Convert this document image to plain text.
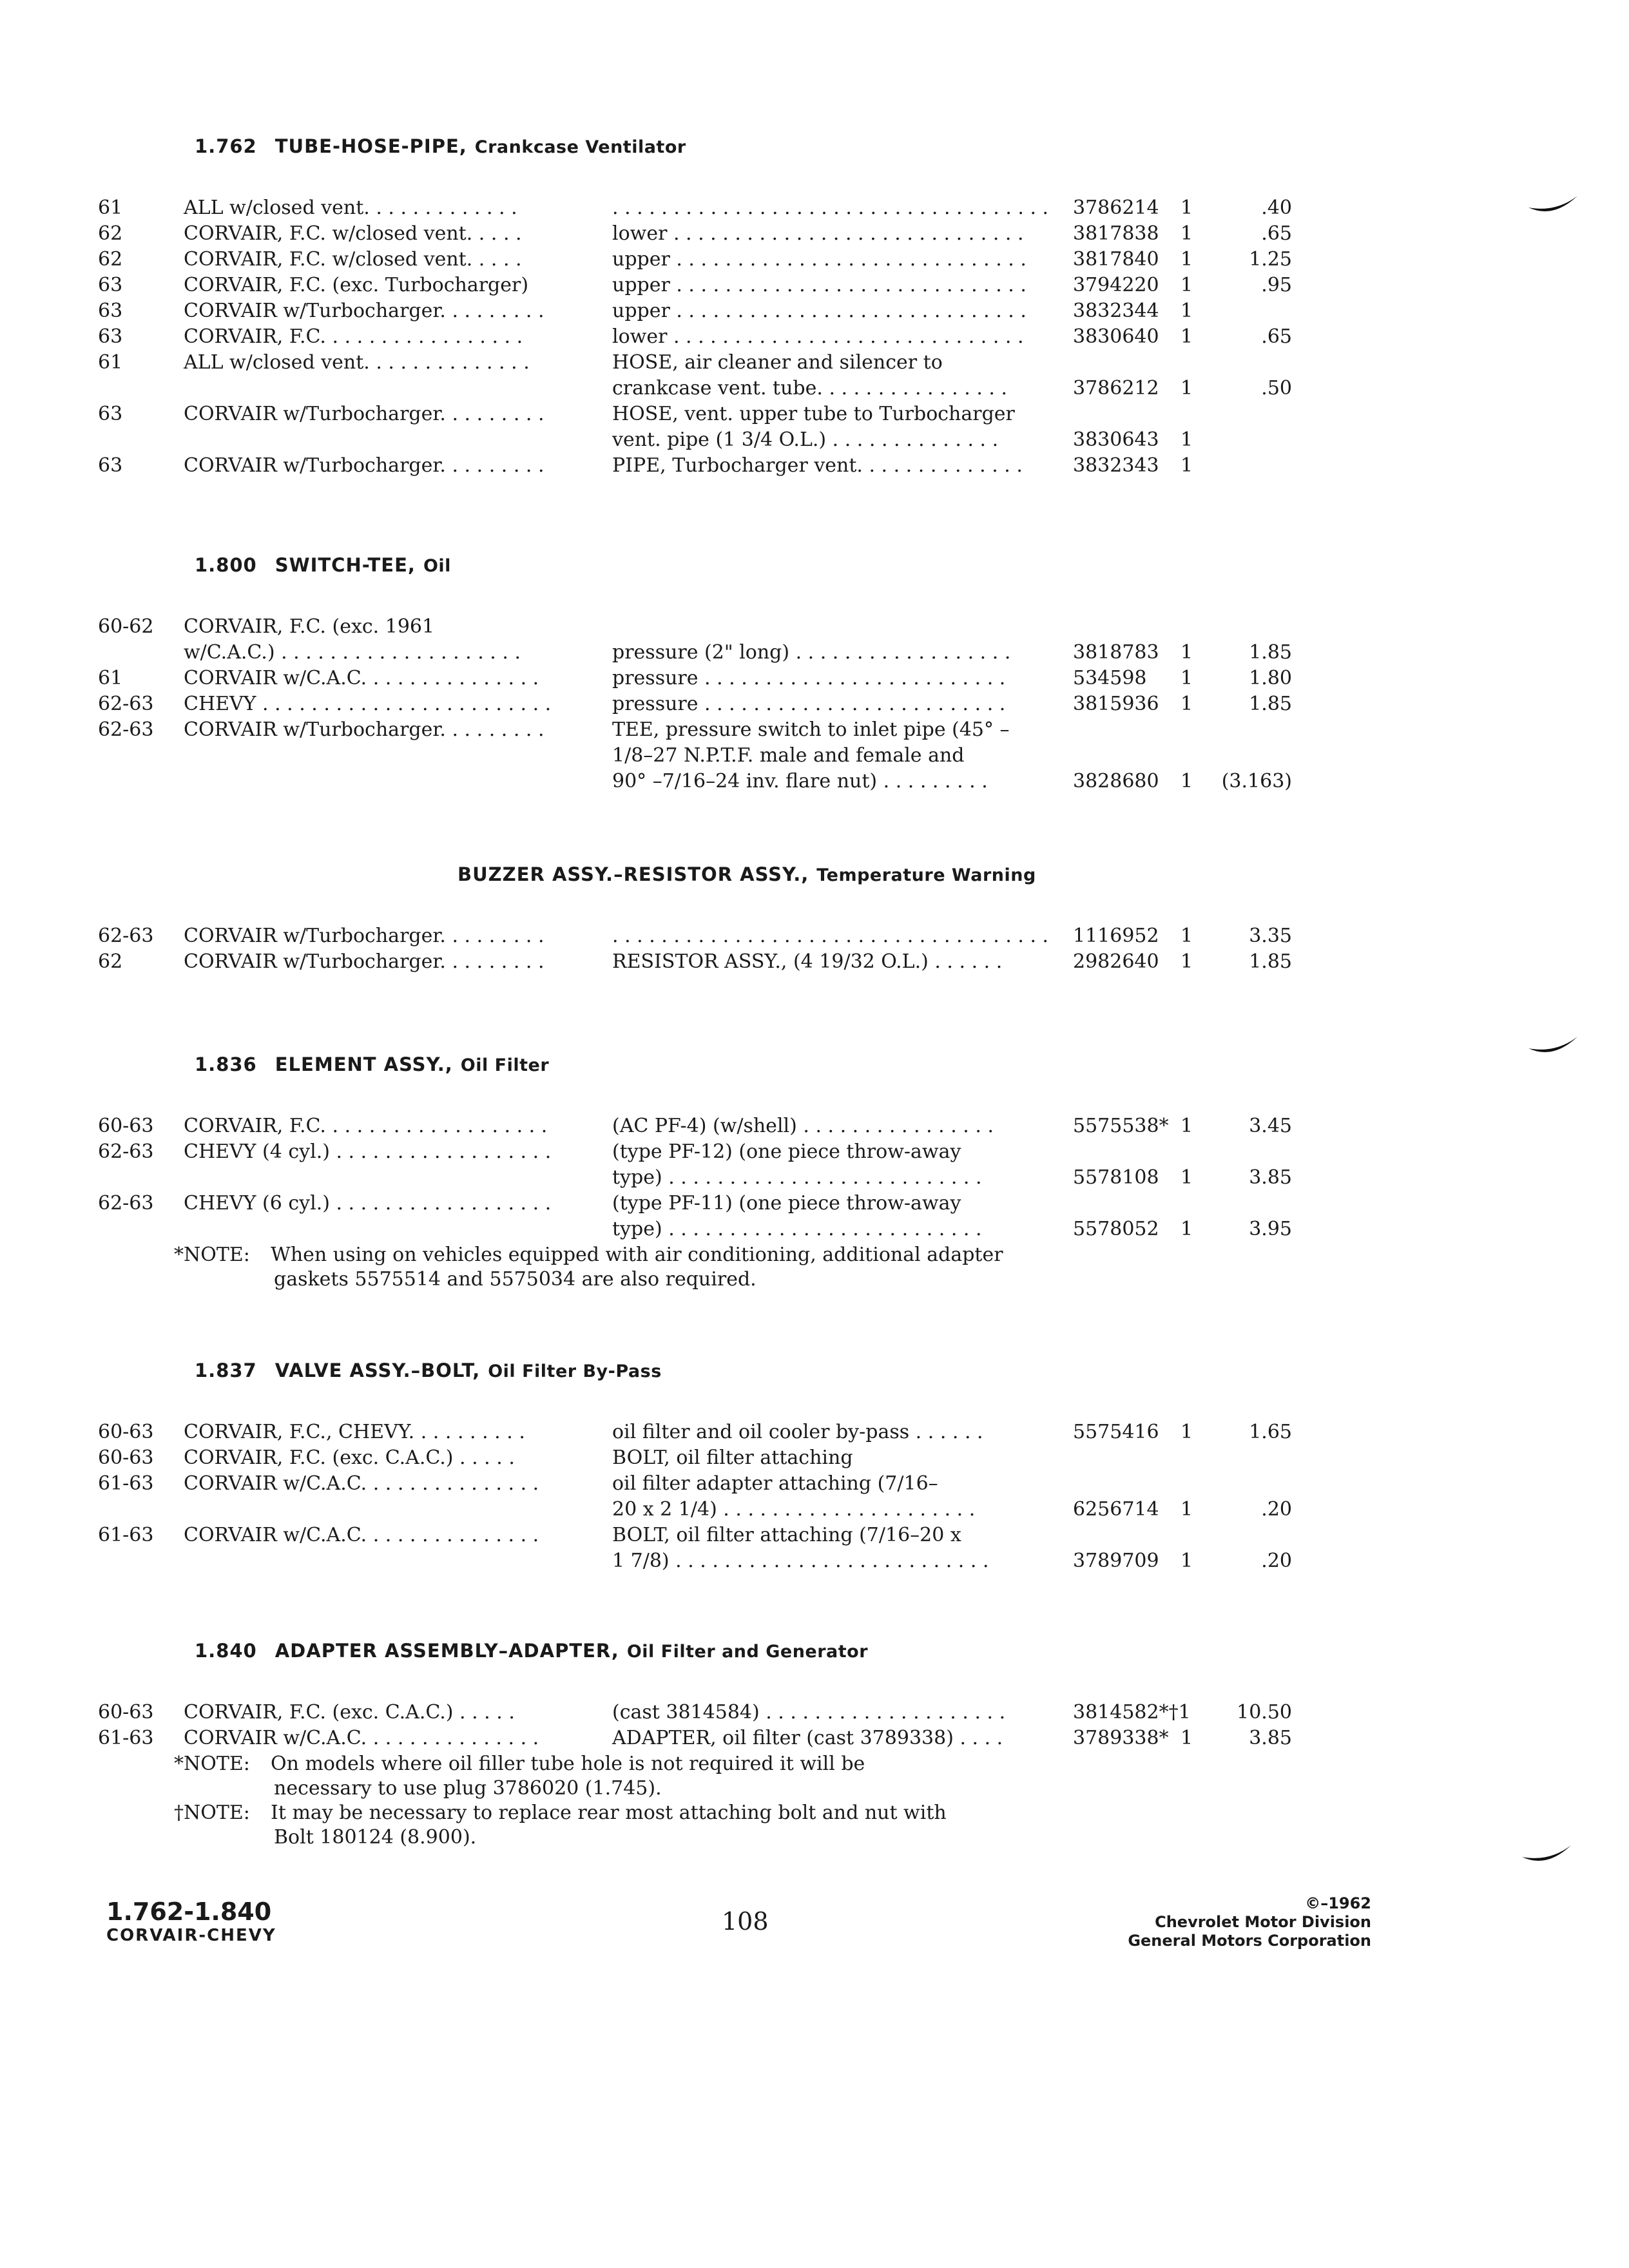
1.762 TUBE-HOSE-PIPE, Crankcase Ventilator
61	ALL w/closed vent. . . . . . . . . . . . .	. . . . . . . . . . . . . . . . . . . . . . . . . . . . . . . . . . . . 3786214 1	.40
62	CORVAIR, F.C. w/closed vent. . . . .	lower . . . . . . . . . . . . . . . . . . . . . . . . . . . . .	3817838 1	.65
62	CORVAIR, F.C. w/closed vent. . . . .	upper . . . . . . . . . . . . . . . . . . . . . . . . . . . . . 3817840 1	1.25
63	CORVAIR, F.C. (exc. Turbocharger)	upper . . . . . . . . . . . . . . . . . . . . . . . . . . . . . 3794220 1	.95
63	CORVAIR w/Turbocharger. . . . . . . . .	upper . . . . . . . . . . . . . . . . . . . . . . . . . . . . . 3832344 1
63	CORVAIR, F.C. . . . . . . . . . . . . . . . .	lower . . . . . . . . . . . . . . . . . . . . . . . . . . . . .	3830640 1	.65
61	ALL w/closed vent. . . . . . . . . . . . . .	HOSE, air cleaner and silencer to
crankcase vent. tube. . . . . . . . . . . . . . . .	3786212 1	.50
63	CORVAIR w/Turbocharger. . . . . . . . .	HOSE, vent. upper tube to Turbocharger
vent. pipe (1 3/4 O.L.) . . . . . . . . . . . . . .	3830643 1
63	CORVAIR w/Turbocharger. . . . . . . . .	PIPE, Turbocharger vent. . . . . . . . . . . . . .	3832343 1
1.800 SWITCH-TEE, Oil
60-62 CORVAIR, F.C. (exc. 1961
w/C.A.C.) . . . . . . . . . . . . . . . . . . . .	pressure (2" long) . . . . . . . . . . . . . . . . . .	3818783 1	1.85
61	CORVAIR w/C.A.C. . . . . . . . . . . . . . .	pressure . . . . . . . . . . . . . . . . . . . . . . . . .	534598 1	1.80
62-63 CHEVY . . . . . . . . . . . . . . . . . . . . . . . .	pressure . . . . . . . . . . . . . . . . . . . . . . . . .	3815936 1	1.85
62-63 CORVAIR w/Turbocharger. . . . . . . . .	TEE, pressure switch to inlet pipe (45° –
1/8–27 N.P.T.F. male and female and
90° –7/16–24 inv. flare nut) . . . . . . . . .	3828680 1 (3.163)
BUZZER ASSY.–RESISTOR ASSY., Temperature Warning
62-63 CORVAIR w/Turbocharger. . . . . . . . .	. . . . . . . . . . . . . . . . . . . . . . . . . . . . . . . . . . . . 1116952 1	3.35
62	CORVAIR w/Turbocharger. . . . . . . . .	RESISTOR ASSY., (4 19/32 O.L.) . . . . . .	2982640 1	1.85
1.836 ELEMENT ASSY., Oil Filter
60-63 CORVAIR, F.C. . . . . . . . . . . . . . . . . . .	(AC PF-4) (w/shell) . . . . . . . . . . . . . . . .	5575538* 1	3.45
62-63 CHEVY (4 cyl.) . . . . . . . . . . . . . . . . . .	(type PF-12) (one piece throw-away
type) . . . . . . . . . . . . . . . . . . . . . . . . . .	5578108 1	3.85
62-63 CHEVY (6 cyl.) . . . . . . . . . . . . . . . . . .	(type PF-11) (one piece throw-away
type) . . . . . . . . . . . . . . . . . . . . . . . . . .	5578052 1	3.95
*NOTE: When using on vehicles equipped with air conditioning, additional adapter
gaskets 5575514 and 5575034 are also required.
1.837 VALVE ASSY.–BOLT, Oil Filter By-Pass
60-63 CORVAIR, F.C., CHEVY. . . . . . . . . .	oil filter and oil cooler by-pass . . . . . .	5575416 1	1.65
60-63 CORVAIR, F.C. (exc. C.A.C.) . . . . .	BOLT, oil filter attaching
61-63 CORVAIR w/C.A.C. . . . . . . . . . . . . . .	oil filter adapter attaching (7/16–
20 x 2 1/4) . . . . . . . . . . . . . . . . . . . . .	6256714 1	.20
61-63 CORVAIR w/C.A.C. . . . . . . . . . . . . . .	BOLT, oil filter attaching (7/16–20 x
1 7/8) . . . . . . . . . . . . . . . . . . . . . . . . . .	3789709 1	.20
1.840 ADAPTER ASSEMBLY–ADAPTER, Oil Filter and Generator
60-63 CORVAIR, F.C. (exc. C.A.C.) . . . . .	(cast 3814584) . . . . . . . . . . . . . . . . . . . .	3814582*†1 10.50
61-63 CORVAIR w/C.A.C. . . . . . . . . . . . . . .	ADAPTER, oil filter (cast 3789338) . . . .	3789338* 1	3.85
*NOTE: On models where oil filler tube hole is not required it will be
necessary to use plug 3786020 (1.745).
†NOTE: It may be necessary to replace rear most attaching bolt and nut with
Bolt 180124 (8.900).
1.762-1.840
CORVAIR-CHEVY	108
©–1962
Chevrolet Motor Division
General Motors Corporation
